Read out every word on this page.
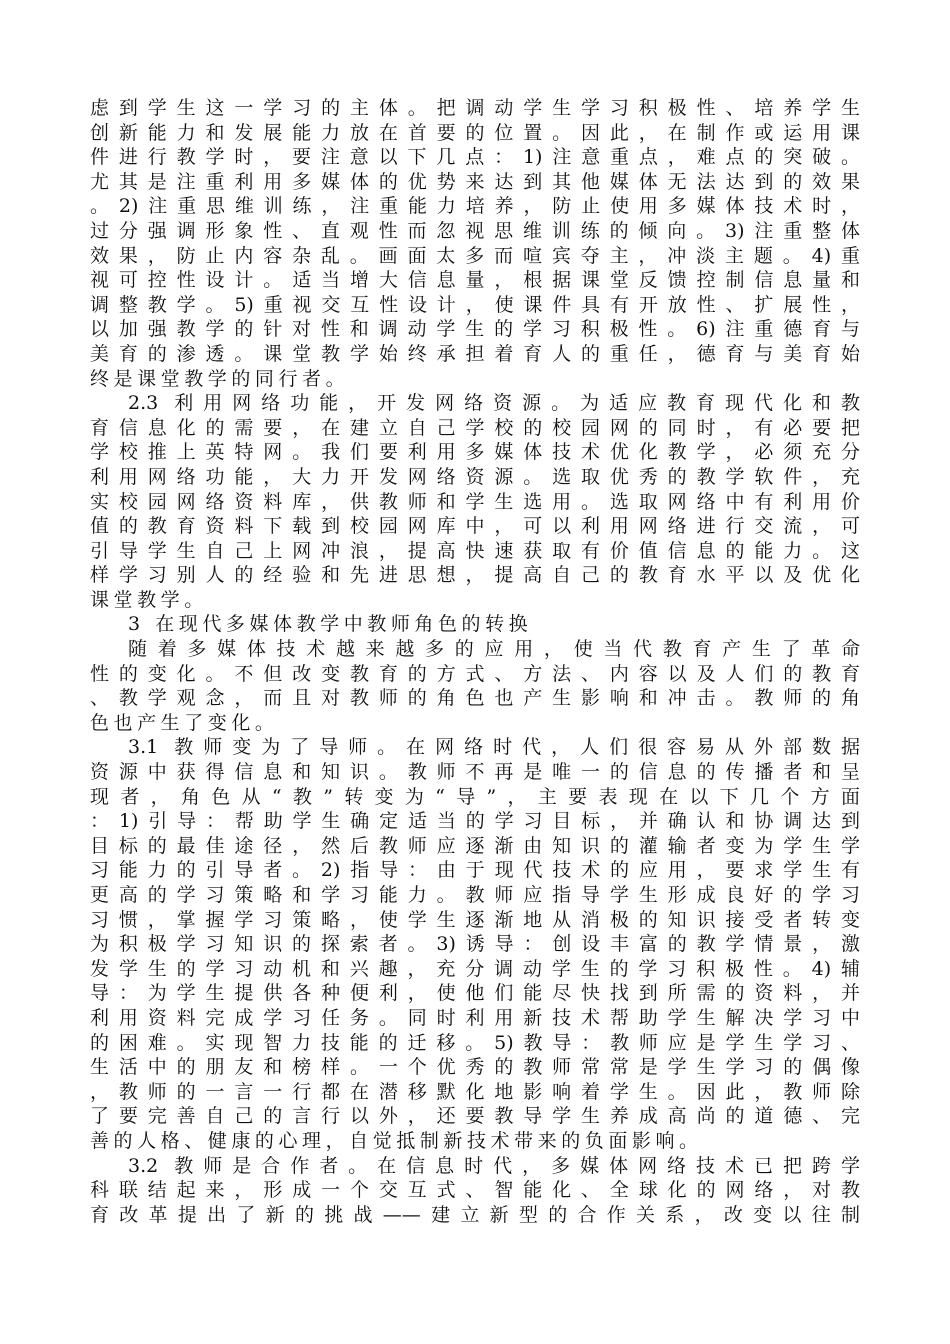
虑到学生这一学习的主体。把调动学生学习积极性、培养学生
创新能力和发展能力放在首要的位置。因此，在制作或运用课
件进行教学时，要注意以下几点：1)注意重点，难点的突破。
尤其是注重利用多媒体的优势来达到其他媒体无法达到的效果
。2)注重思维训练，注重能力培养，防止使用多媒体技术时，
过分强调形象性、直观性而忽视思维训练的倾向。3)注重整体
效果，防止内容杂乱。画面太多而喧宾夺主，冲淡主题。4)重
视可控性设计。适当增大信息量，根据课堂反馈控制信息量和
调整教学。5)重视交互性设计，使课件具有开放性、扩展性，
以加强教学的针对性和调动学生的学习积极性。6)注重德育与
美育的渗透。课堂教学始终承担着育人的重任，德育与美育始
终是课堂教学的同行者。
2.3 利用网络功能，开发网络资源。为适应教育现代化和教
育信息化的需要，在建立自己学校的校园网的同时，有必要把
学校推上英特网。我们要利用多媒体技术优化教学，必须充分
利用网络功能，大力开发网络资源。选取优秀的教学软件，充
实校园网络资料库，供教师和学生选用。选取网络中有利用价
值的教育资料下载到校园网库中，可以利用网络进行交流，可
引导学生自己上网冲浪，提高快速获取有价值信息的能力。这
样学习别人的经验和先进思想，提高自己的教育水平以及优化
课堂教学。
3 在现代多媒体教学中教师角色的转换
随着多媒体技术越来越多的应用，使当代教育产生了革命
性的变化。不但改变教育的方式、方法、内容以及人们的教育
、教学观念，而且对教师的角色也产生影响和冲击。教师的角
色也产生了变化。
3.1 教师变为了导师。在网络时代，人们很容易从外部数据
资源中获得信息和知识。教师不再是唯一的信息的传播者和呈
现者，角色从“教”转变为“导”，主要表现在以下几个方面
：1)引导：帮助学生确定适当的学习目标，并确认和协调达到
目标的最佳途径，然后教师应逐渐由知识的灌输者变为学生学
习能力的引导者。2)指导：由于现代技术的应用，要求学生有
更高的学习策略和学习能力。教师应指导学生形成良好的学习
习惯，掌握学习策略，使学生逐渐地从消极的知识接受者转变
为积极学习知识的探索者。3)诱导：创设丰富的教学情景，激
发学生的学习动机和兴趣，充分调动学生的学习积极性。4)辅
导：为学生提供各种便利，使他们能尽快找到所需的资料，并
利用资料完成学习任务。同时利用新技术帮助学生解决学习中
的困难。实现智力技能的迁移。5)教导：教师应是学生学习、
生活中的朋友和榜样。一个优秀的教师常常是学生学习的偶像
，教师的一言一行都在潜移默化地影响着学生。因此，教师除
了要完善自己的言行以外，还要教导学生养成高尚的道德、完
善的人格、健康的心理，自觉抵制新技术带来的负面影响。
3.2 教师是合作者。在信息时代，多媒体网络技术已把跨学
科联结起来，形成一个交互式、智能化、全球化的网络，对教
育改革提出了新的挑战——建立新型的合作关系，改变以往制
